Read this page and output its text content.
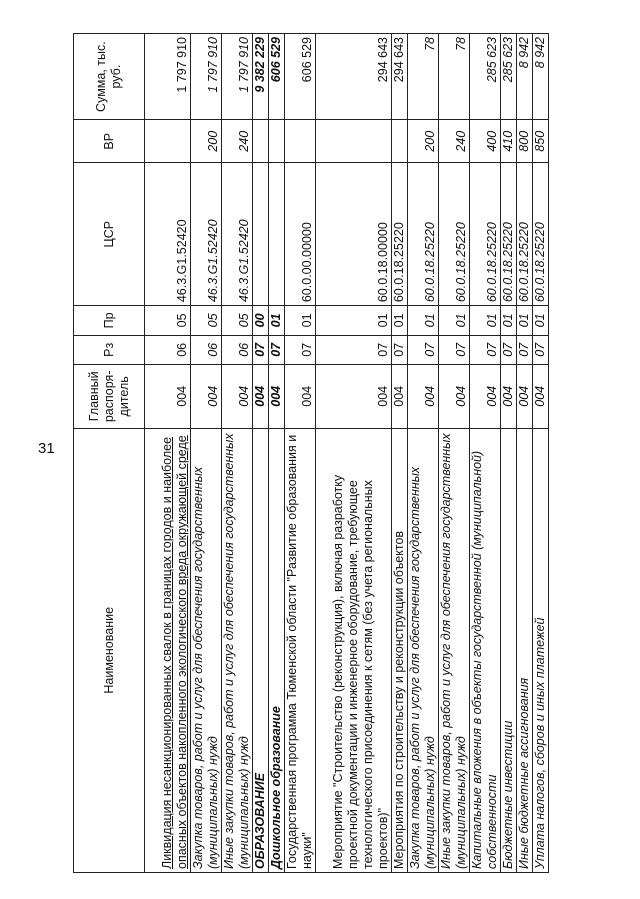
31
Наименование	Главный распоря-дитель	Рз	Пр	ЦСР	ВР	Сумма, тыс. руб.
Ликвидация несанкционированных свалок в границах городов и наиболее опасных объектов накопленного экологического вреда окружающей среде	004	06	05	46.3.G1.52420		1 797 910
Закупка товаров, работ и услуг для обеспечения государственных (муниципальных) нужд	004	06	05	46.3.G1.52420	200	1 797 910
Иные закупки товаров, работ и услуг для обеспечения государственных (муниципальных) нужд	004	06	05	46.3.G1.52420	240	1 797 910
ОБРАЗОВАНИЕ	004	07	00			9 382 229
Дошкольное образование	004	07	01			606 529
Государственная программа Тюменской области "Развитие образования и науки"	004	07	01	60.0.00.00000		606 529
Мероприятие "Строительство (реконструкция), включая разработку проектной документации и инженерное оборудование, требующее технологического присоединения к сетям (без учета региональных проектов)"	004	07	01	60.0.18.00000		294 643
Мероприятия по строительству и реконструкции объектов	004	07	01	60.0.18.25220		294 643
Закупка товаров, работ и услуг для обеспечения государственных (муниципальных) нужд	004	07	01	60.0.18.25220	200	78
Иные закупки товаров, работ и услуг для обеспечения государственных (муниципальных) нужд	004	07	01	60.0.18.25220	240	78
Капитальные вложения в объекты государственной (муниципальной) собственности	004	07	01	60.0.18.25220	400	285 623
Бюджетные инвестиции	004	07	01	60.0.18.25220	410	285 623
Иные бюджетные ассигнования	004	07	01	60.0.18.25220	800	8 942
Уплата налогов, сборов и иных платежей	004	07	01	60.0.18.25220	850	8 942
